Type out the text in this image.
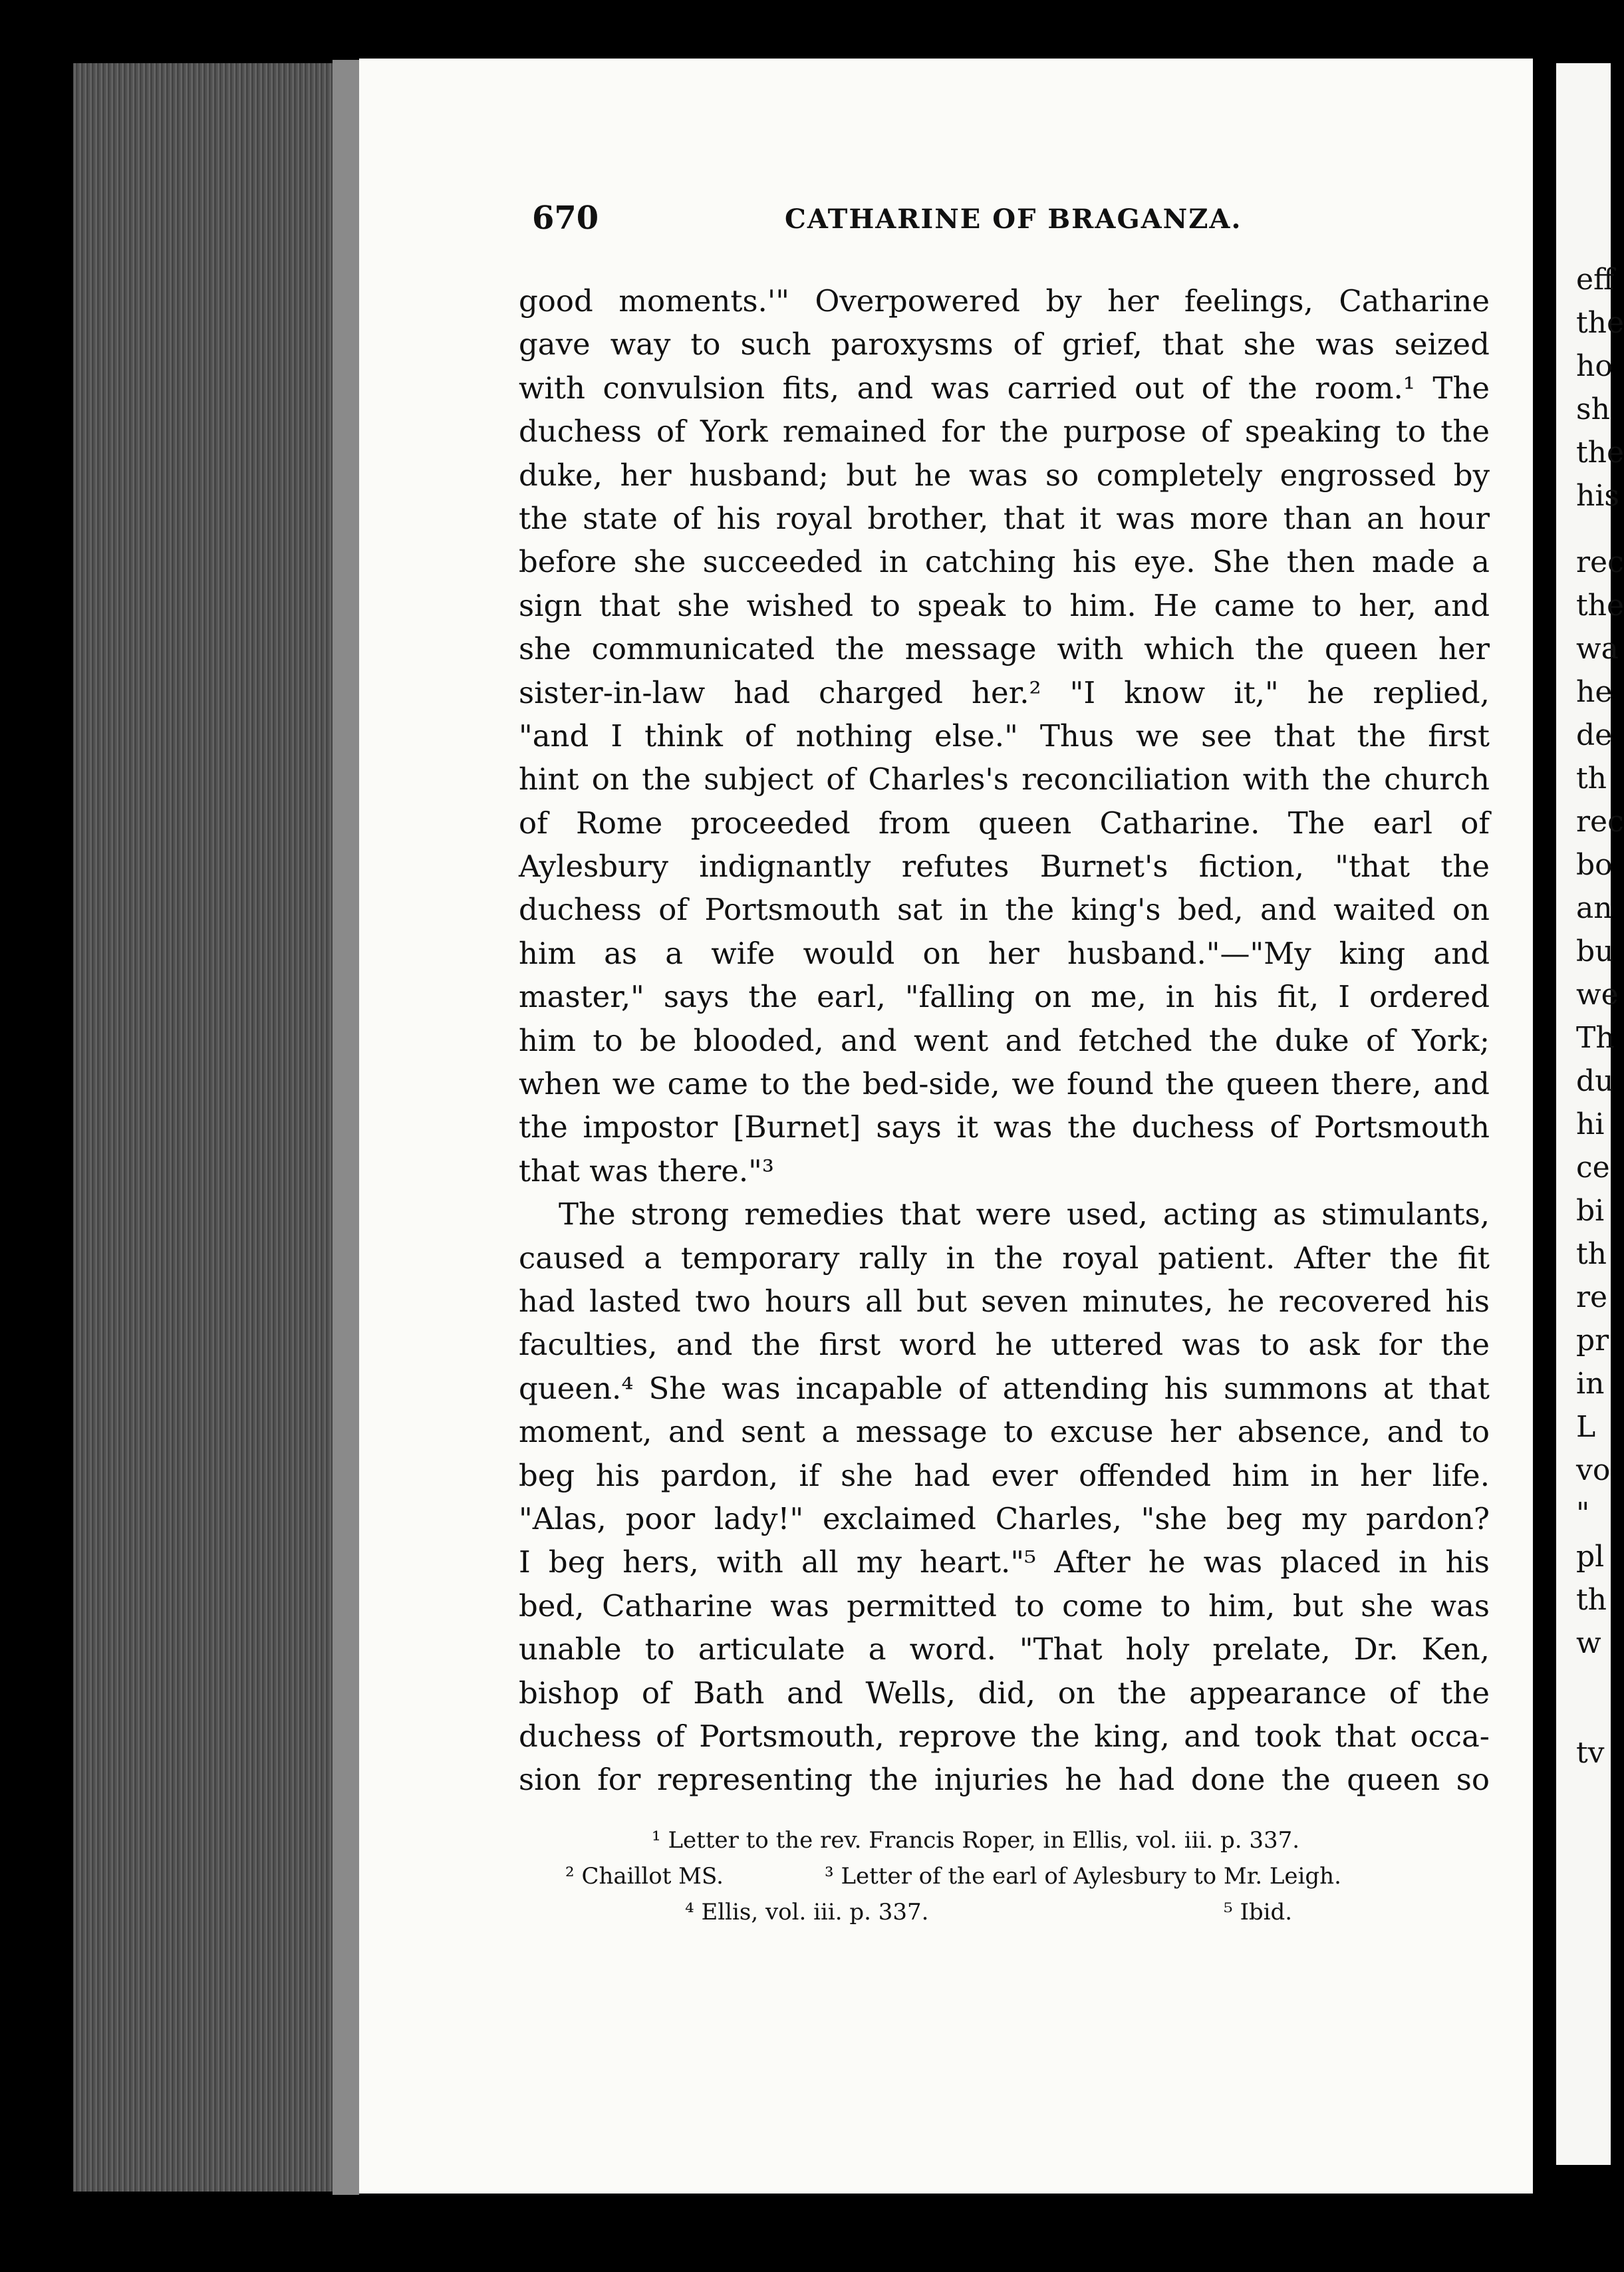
670	CATHARINE OF BRAGANZA.
good moments.'" Overpowered by her feelings, Catharine
gave way to such paroxysms of grief, that she was seized
with convulsion fits, and was carried out of the room.¹ The
duchess of York remained for the purpose of speaking to the
duke, her husband; but he was so completely engrossed by
the state of his royal brother, that it was more than an hour
before she succeeded in catching his eye. She then made a
sign that she wished to speak to him. He came to her, and
she communicated the message with which the queen her
sister-in-law had charged her.² "I know it," he replied,
"and I think of nothing else." Thus we see that the first
hint on the subject of Charles's reconciliation with the church
of Rome proceeded from queen Catharine. The earl of
Aylesbury indignantly refutes Burnet's fiction, "that the
duchess of Portsmouth sat in the king's bed, and waited on
him as a wife would on her husband."—"My king and
master," says the earl, "falling on me, in his fit, I ordered
him to be blooded, and went and fetched the duke of York;
when we came to the bed-side, we found the queen there, and
the impostor [Burnet] says it was the duchess of Portsmouth
that was there."³
The strong remedies that were used, acting as stimulants,
caused a temporary rally in the royal patient. After the fit
had lasted two hours all but seven minutes, he recovered his
faculties, and the first word he uttered was to ask for the
queen.⁴ She was incapable of attending his summons at that
moment, and sent a message to excuse her absence, and to
beg his pardon, if she had ever offended him in her life.
"Alas, poor lady!" exclaimed Charles, "she beg my pardon?
I beg hers, with all my heart."⁵ After he was placed in his
bed, Catharine was permitted to come to him, but she was
unable to articulate a word. "That holy prelate, Dr. Ken,
bishop of Bath and Wells, did, on the appearance of the
duchess of Portsmouth, reprove the king, and took that occa-
sion for representing the injuries he had done the queen so
¹ Letter to the rev. Francis Roper, in Ellis, vol. iii. p. 337.
² Chaillot MS.	³ Letter of the earl of Aylesbury to Mr. Leigh.
⁴ Ellis, vol. iii. p. 337.	⁵ Ibid.
eff
the
ho
sh
the
his
rec
the
wa
he
de
th
rec
bo
an
bu
we
Th
du
hi
ce
bi
th
re
pr
in
L
vo
"
pl
th
w
tv
